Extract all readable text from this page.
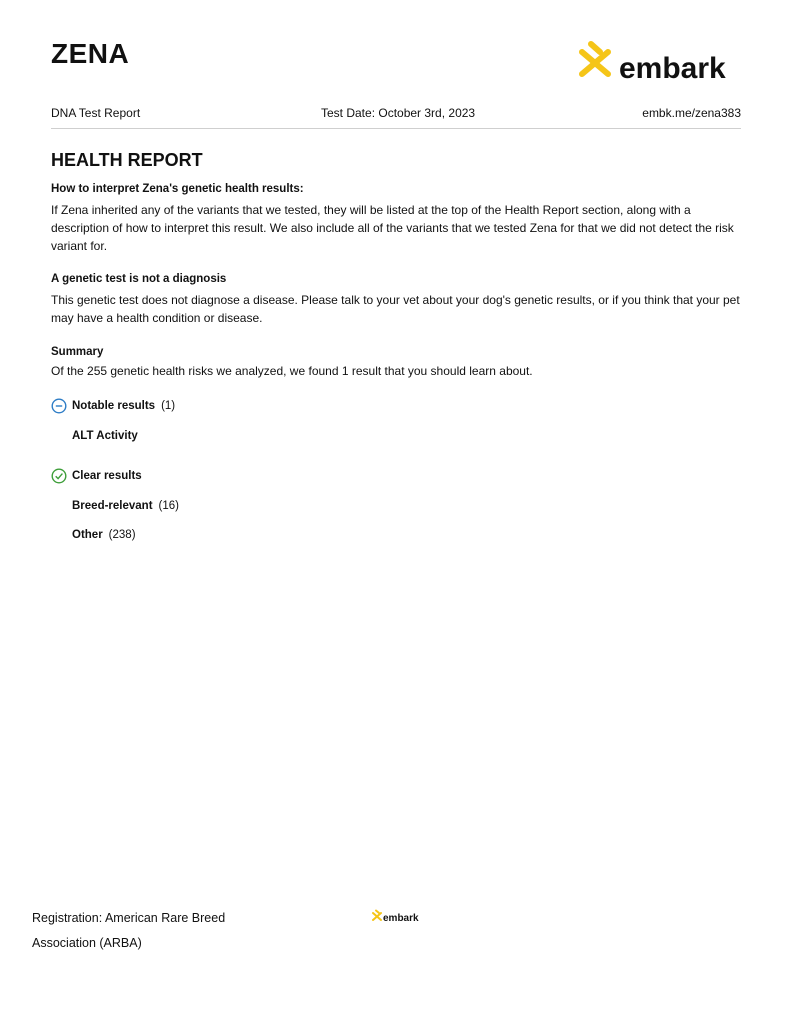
ZENA	embark
DNA Test Report	Test Date: October 3rd, 2023	embk.me/zena383
HEALTH REPORT

How to interpret Zena's genetic health results:

If Zena inherited any of the variants that we tested, they will be listed at the top of the Health Report section, along with a description of how to interpret this result. We also include all of the variants that we tested Zena for that we did not detect the risk variant for.

A genetic test is not a diagnosis

This genetic test does not diagnose a disease. Please talk to your vet about your dog's genetic results, or if you think that your pet may have a health condition or disease.

Summary

Of the 255 genetic health risks we analyzed, we found 1 result that you should learn about.

Notable results (1)
ALT Activity
Clear results
Breed-relevant (16)
Other (238)
Registration: American Rare Breed Association (ARBA)
embark
